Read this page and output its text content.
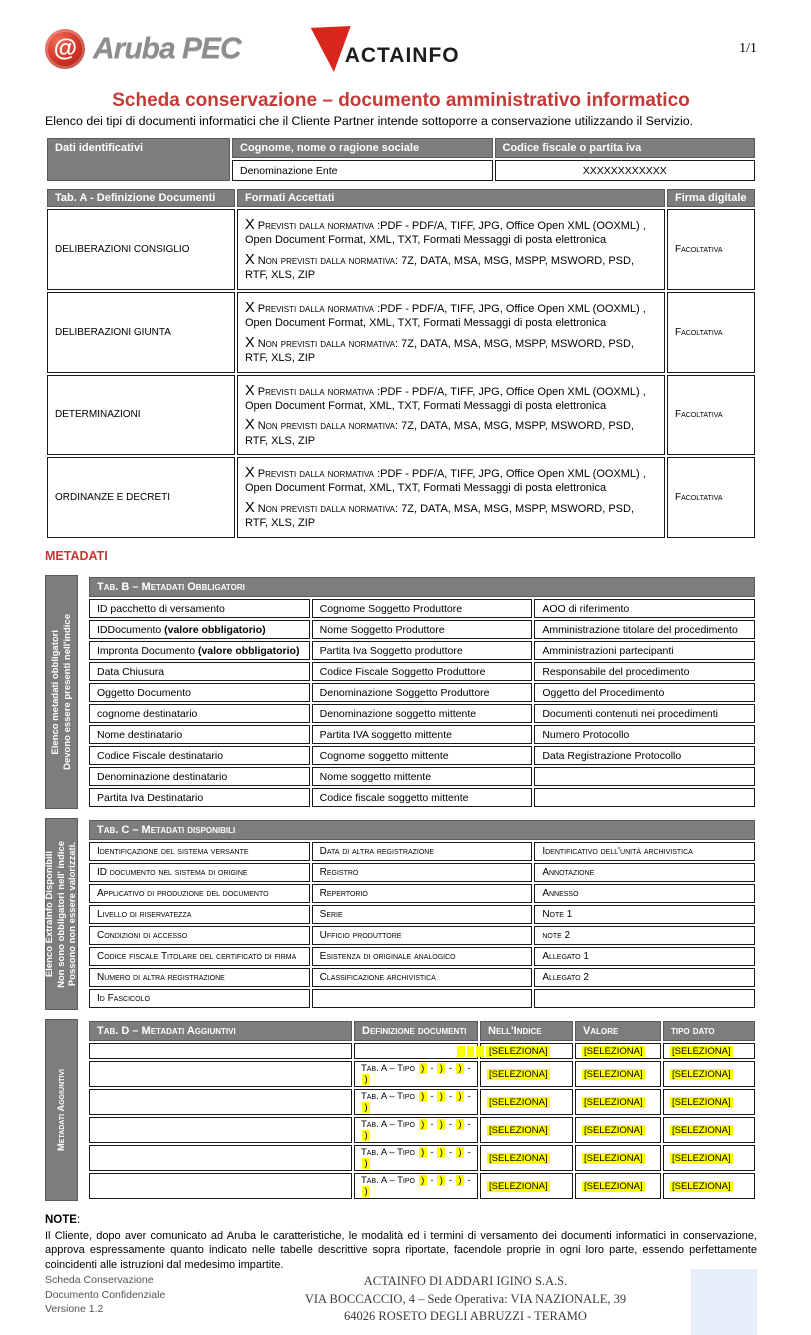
@ Aruba PEC	ACTAINFO	1/1
Scheda conservazione – documento amministrativo informatico

Elenco dei tipi di documenti informatici che il Cliente Partner intende sottoporre a conservazione utilizzando il Servizio.

Dati identificativi	Cognome, nome o ragione sociale	Codice fiscale o partita iva
	Denominazione Ente	XXXXXXXXXXXX
Tab. A - Definizione Documenti	Formati Accettati	Firma digitale
DELIBERAZIONI CONSIGLIO	X Previsti dalla normativa :PDF - PDF/A, TIFF, JPG, Office Open XML (OOXML) , Open Document Format, XML, TXT, Formati Messaggi di posta elettronica
X Non previsti dalla normativa: 7Z, DATA, MSA, MSG, MSPP, MSWORD, PSD, RTF, XLS, ZIP	Facoltativa
DELIBERAZIONI GIUNTA	X Previsti dalla normativa :PDF - PDF/A, TIFF, JPG, Office Open XML (OOXML) , Open Document Format, XML, TXT, Formati Messaggi di posta elettronica
X Non previsti dalla normativa: 7Z, DATA, MSA, MSG, MSPP, MSWORD, PSD, RTF, XLS, ZIP	Facoltativa
DETERMINAZIONI	X Previsti dalla normativa :PDF - PDF/A, TIFF, JPG, Office Open XML (OOXML) , Open Document Format, XML, TXT, Formati Messaggi di posta elettronica
X Non previsti dalla normativa: 7Z, DATA, MSA, MSG, MSPP, MSWORD, PSD, RTF, XLS, ZIP	Facoltativa
ORDINANZE E DECRETI	X Previsti dalla normativa :PDF - PDF/A, TIFF, JPG, Office Open XML (OOXML) , Open Document Format, XML, TXT, Formati Messaggi di posta elettronica
X Non previsti dalla normativa: 7Z, DATA, MSA, MSG, MSPP, MSWORD, PSD, RTF, XLS, ZIP	Facoltativa
METADATI
Elenco metadati obbligatori Devono essere presenti nell'indice
Tab. B – Metadati Obbligatori		
ID pacchetto di versamento	Cognome Soggetto Produttore	AOO di riferimento
IDDocumento (valore obbligatorio)	Nome Soggetto Produttore	Amministrazione titolare del procedimento
Impronta Documento (valore obbligatorio)	Partita Iva Soggetto produttore	Amministrazioni partecipanti
Data Chiusura	Codice Fiscale Soggetto Produttore	Responsabile del procedimento
Oggetto Documento	Denominazione Soggetto Produttore	Oggetto del Procedimento
cognome destinatario	Denominazione soggetto mittente	Documenti contenuti nei procedimenti
Nome destinatario	Partita IVA soggetto mittente	Numero Protocollo
Codice Fiscale destinatario	Cognome soggetto mittente	Data Registrazione Protocollo
Denominazione destinatario	Nome soggetto mittente	
Partita Iva Destinatario	Codice fiscale soggetto mittente	
Elenco ExtraInfo Disponibili Non sono obbligatori nell' indice Possono non essere valorizzati.
Tab. C – Metadati disponibili		
Identificazione del sistema versante	Data di altra registrazione	Identificativo dell'unità archivistica
ID documento nel sistema di origine	Registro	Annotazione
Applicativo di produzione del documento	Repertorio	Annesso
Livello di riservatezza	Serie	Note 1
Condizioni di accesso	Ufficio produttore	note 2
Codice fiscale Titolare del certificato di firma	Esistenza di originale analogico	Allegato 1
Numero di altra registrazione	Classificazione archivistica	Allegato 2
Id Fascicolo		
Metadati Aggiuntivi
Tab. D – Metadati Aggiuntivi	Definizione documenti	Nell'Indice	Valore	tipo dato
		[SELEZIONA]	[SELEZIONA]	[SELEZIONA]
	Tab. A – Tipo ) - ) - ) - )	[SELEZIONA]	[SELEZIONA]	[SELEZIONA]
	Tab. A – Tipo ) - ) - ) - )	[SELEZIONA]	[SELEZIONA]	[SELEZIONA]
	Tab. A – Tipo ) - ) - ) - )	[SELEZIONA]	[SELEZIONA]	[SELEZIONA]
	Tab. A – Tipo ) - ) - ) - )	[SELEZIONA]	[SELEZIONA]	[SELEZIONA]
	Tab. A – Tipo ) - ) - ) - )	[SELEZIONA]	[SELEZIONA]	[SELEZIONA]
NOTE:
Il Cliente, dopo aver comunicato ad Aruba le caratteristiche, le modalità ed i termini di versamento dei documenti informatici in conservazione, approva espressamente quanto indicato nelle tabelle descrittive sopra riportate, facendole proprie in ogni loro parte, essendo perfettamente coincidenti alle istruzioni dal medesimo impartite.
Scheda Conservazione
Documento Confidenziale
Versione 1.2
ACTAINFO DI ADDARI IGINO S.A.S.
VIA BOCCACCIO, 4 – Sede Operativa: VIA NAZIONALE, 39
64026 ROSETO DEGLI ABRUZZI - TERAMO
